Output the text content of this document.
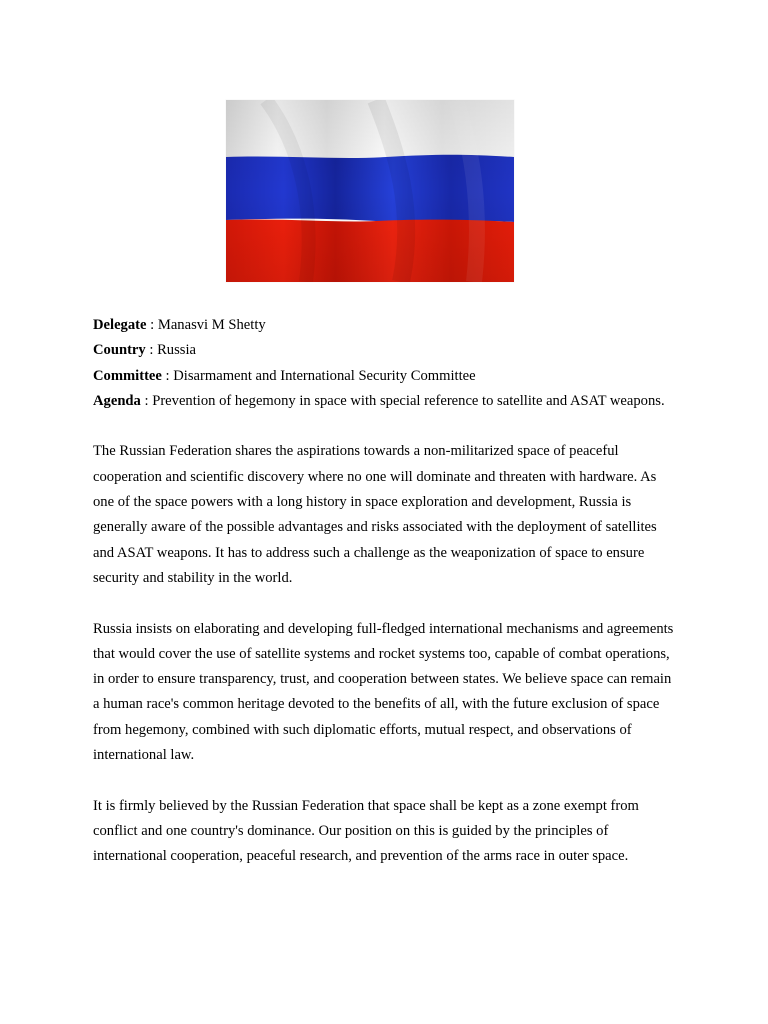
Delegate : Manasvi M Shetty

Country : Russia

Committee : Disarmament and International Security Committee

Agenda : Prevention of hegemony in space with special reference to satellite and ASAT weapons.

The Russian Federation shares the aspirations towards a non-militarized space of peaceful cooperation and scientific discovery where no one will dominate and threaten with hardware. As one of the space powers with a long history in space exploration and development, Russia is generally aware of the possible advantages and risks associated with the deployment of satellites and ASAT weapons. It has to address such a challenge as the weaponization of space to ensure security and stability in the world.

Russia insists on elaborating and developing full-fledged international mechanisms and agreements that would cover the use of satellite systems and rocket systems too, capable of combat operations, in order to ensure transparency, trust, and cooperation between states. We believe space can remain a human race's common heritage devoted to the benefits of all, with the future exclusion of space from hegemony, combined with such diplomatic efforts, mutual respect, and observations of international law.

It is firmly believed by the Russian Federation that space shall be kept as a zone exempt from conflict and one country's dominance. Our position on this is guided by the principles of international cooperation, peaceful research, and prevention of the arms race in outer space.
